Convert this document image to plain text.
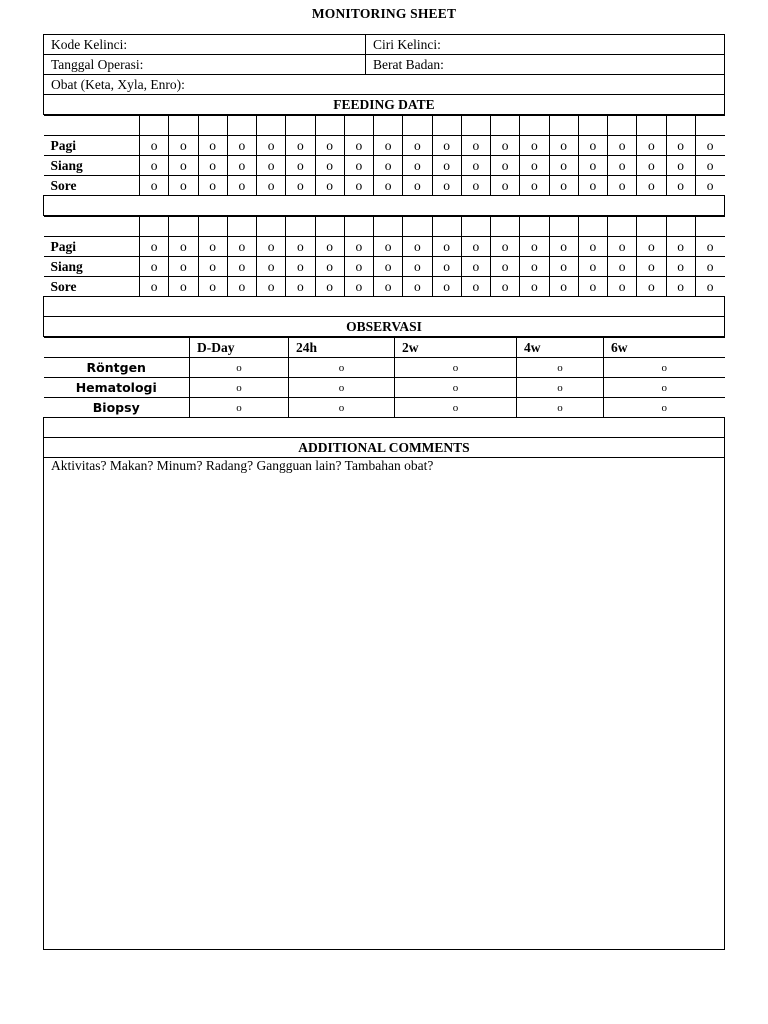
MONITORING SHEET
Kode Kelinci:	Ciri Kelinci:
Tanggal Operasi:	Berat Badan:
Obat (Keta, Xyla, Enro):
FEEDING DATE

Pagi	o	o	o	o	o	o	o	o	o	o	o	o	o	o	o	o	o	o	o	o
Siang	o	o	o	o	o	o	o	o	o	o	o	o	o	o	o	o	o	o	o	o
Sore	o	o	o	o	o	o	o	o	o	o	o	o	o	o	o	o	o	o	o	o

Pagi	o	o	o	o	o	o	o	o	o	o	o	o	o	o	o	o	o	o	o	o
Siang	o	o	o	o	o	o	o	o	o	o	o	o	o	o	o	o	o	o	o	o
Sore	o	o	o	o	o	o	o	o	o	o	o	o	o	o	o	o	o	o	o	o

OBSERVASI

	D-Day	24h	2w	4w	6w
Röntgen	o	o	o	o	o
Hematologi	o	o	o	o	o
Biopsy	o	o	o	o	o

ADDITIONAL COMMENTS
Aktivitas? Makan? Minum? Radang? Gangguan lain? Tambahan obat?
